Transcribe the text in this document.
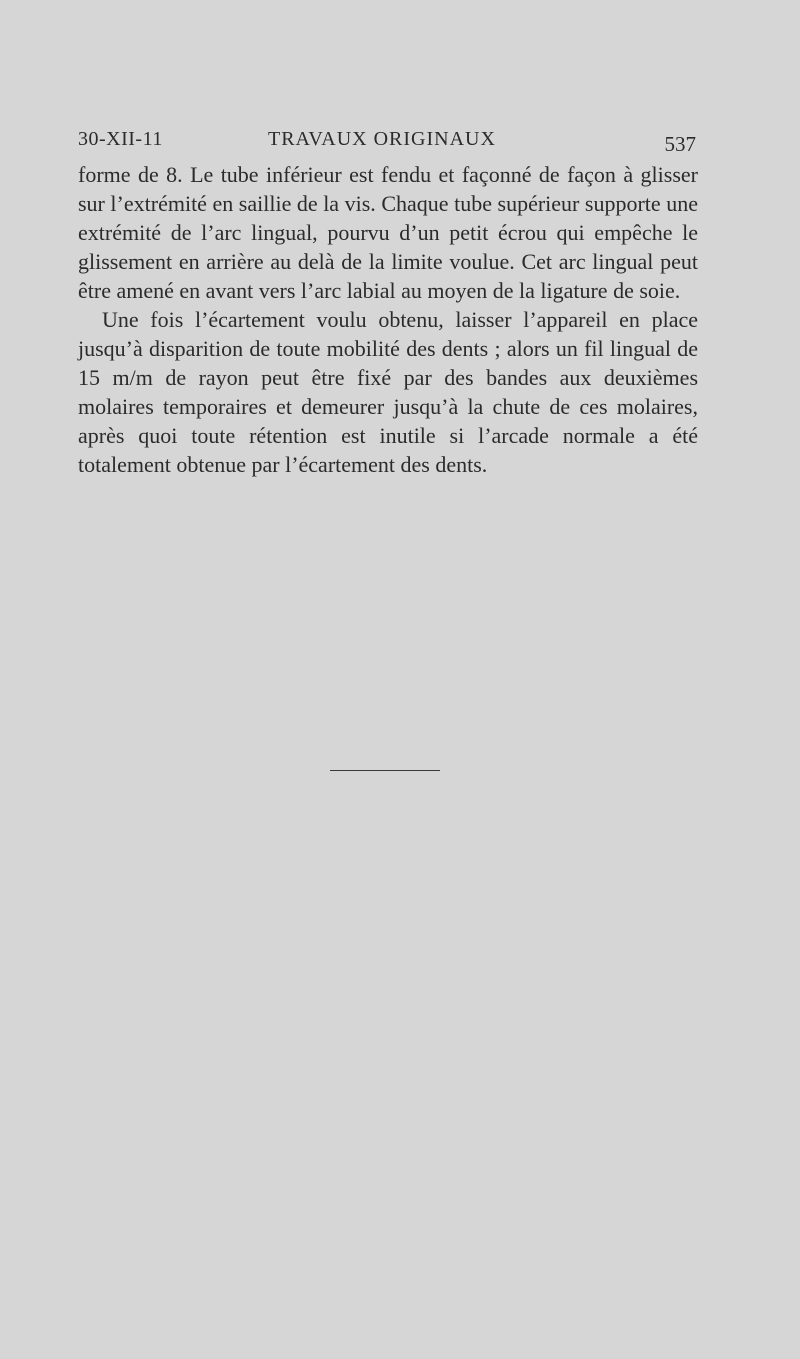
30-XII-11	TRAVAUX ORIGINAUX	537

forme de 8. Le tube inférieur est fendu et façonné de façon à glisser sur l’extrémité en saillie de la vis. Chaque tube supérieur supporte une extrémité de l’arc lingual, pourvu d’un petit écrou qui empêche le glissement en arrière au delà de la limite voulue. Cet arc lingual peut être amené en avant vers l’arc labial au moyen de la ligature de soie.

Une fois l’écartement voulu obtenu, laisser l’appareil en place jusqu’à disparition de toute mobilité des dents ; alors un fil lingual de 15 m/m de rayon peut être fixé par des bandes aux deuxièmes molaires temporaires et demeurer jusqu’à la chute de ces molaires, après quoi toute rétention est inutile si l’arcade normale a été totalement obtenue par l’écartement des dents.
